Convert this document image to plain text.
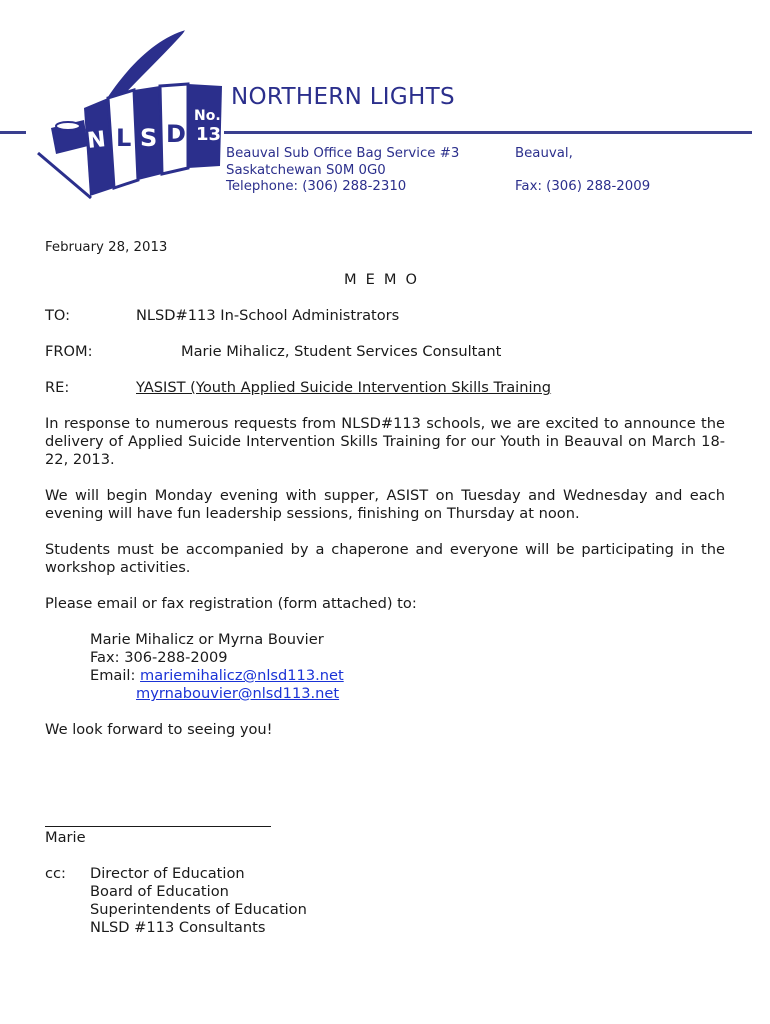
N	13
L S D
No.
NORTHERN LIGHTS
Beauval Sub Office Bag Service #3
Saskatchewan S0M 0G0
Telephone: (306) 288-2310
Beauval,

Fax: (306) 288-2009
February 28, 2013
MEMO
TO:	NLSD#113 In-School Administrators
FROM:	Marie Mihalicz, Student Services Consultant
RE:	YASIST (Youth Applied Suicide Intervention Skills Training
In response to numerous requests from NLSD#113 schools, we are excited to announce the delivery of Applied Suicide Intervention Skills Training for our Youth in Beauval on March 18-22, 2013.
We will begin Monday evening with supper, ASIST on Tuesday and Wednesday and each evening will have fun leadership sessions, finishing on Thursday at noon.
Students must be accompanied by a chaperone and everyone will be participating in the workshop activities.
Please email or fax registration (form attached) to:
Marie Mihalicz or Myrna Bouvier
Fax: 306-288-2009
Email: mariemihalicz@nlsd113.net
myrnabouvier@nlsd113.net
We look forward to seeing you!
Marie
cc: Director of Education
Board of Education
Superintendents of Education
NLSD #113 Consultants
